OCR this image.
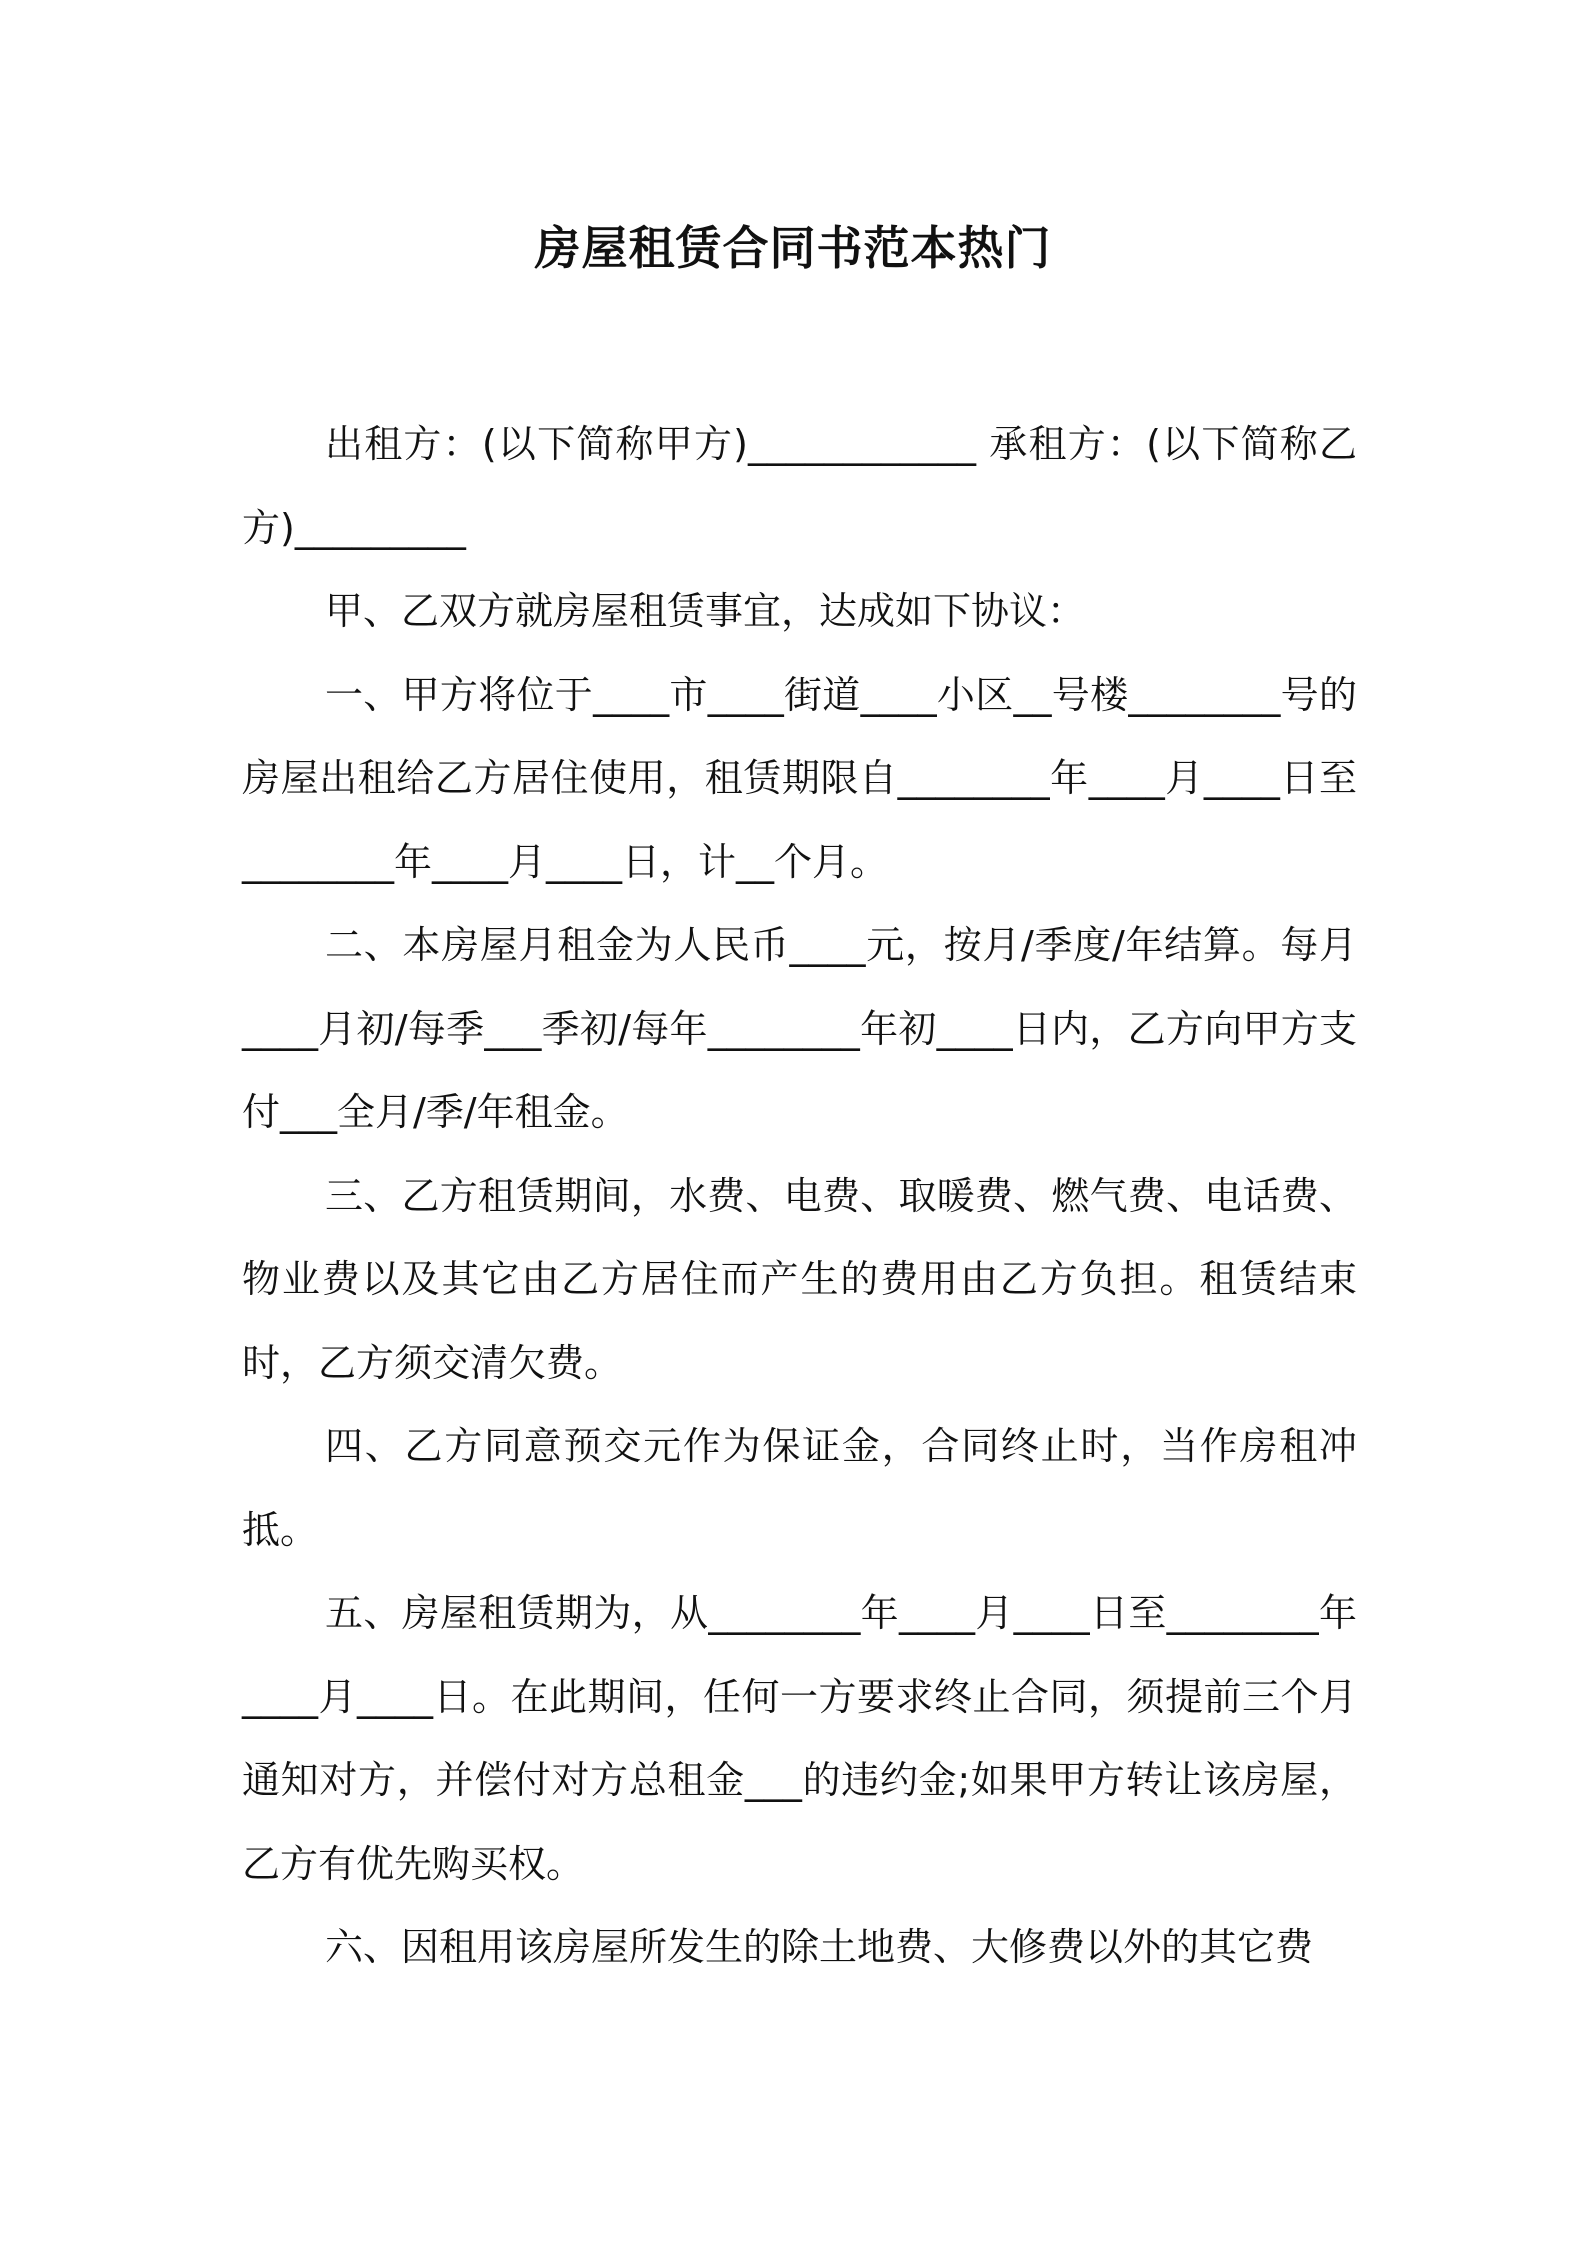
房屋租赁合同书范本热门

出租方：(以下简称甲方)____________ 承租方：(以下简称乙方)_________

甲、乙双方就房屋租赁事宜，达成如下协议：

一、甲方将位于____市____街道____小区__号楼________号的房屋出租给乙方居住使用，租赁期限自________年____月____日至________年____月____日，计__个月。

二、本房屋月租金为人民币____元，按月/季度/年结算。每月____月初/每季___季初/每年________年初____日内，乙方向甲方支付___全月/季/年租金。

三、乙方租赁期间，水费、电费、取暖费、燃气费、电话费、物业费以及其它由乙方居住而产生的费用由乙方负担。租赁结束时，乙方须交清欠费。

四、乙方同意预交元作为保证金，合同终止时，当作房租冲抵。

五、房屋租赁期为，从________年____月____日至________年____月____日。在此期间，任何一方要求终止合同，须提前三个月通知对方，并偿付对方总租金___的违约金;如果甲方转让该房屋，乙方有优先购买权。

六、因租用该房屋所发生的除土地费、大修费以外的其它费
